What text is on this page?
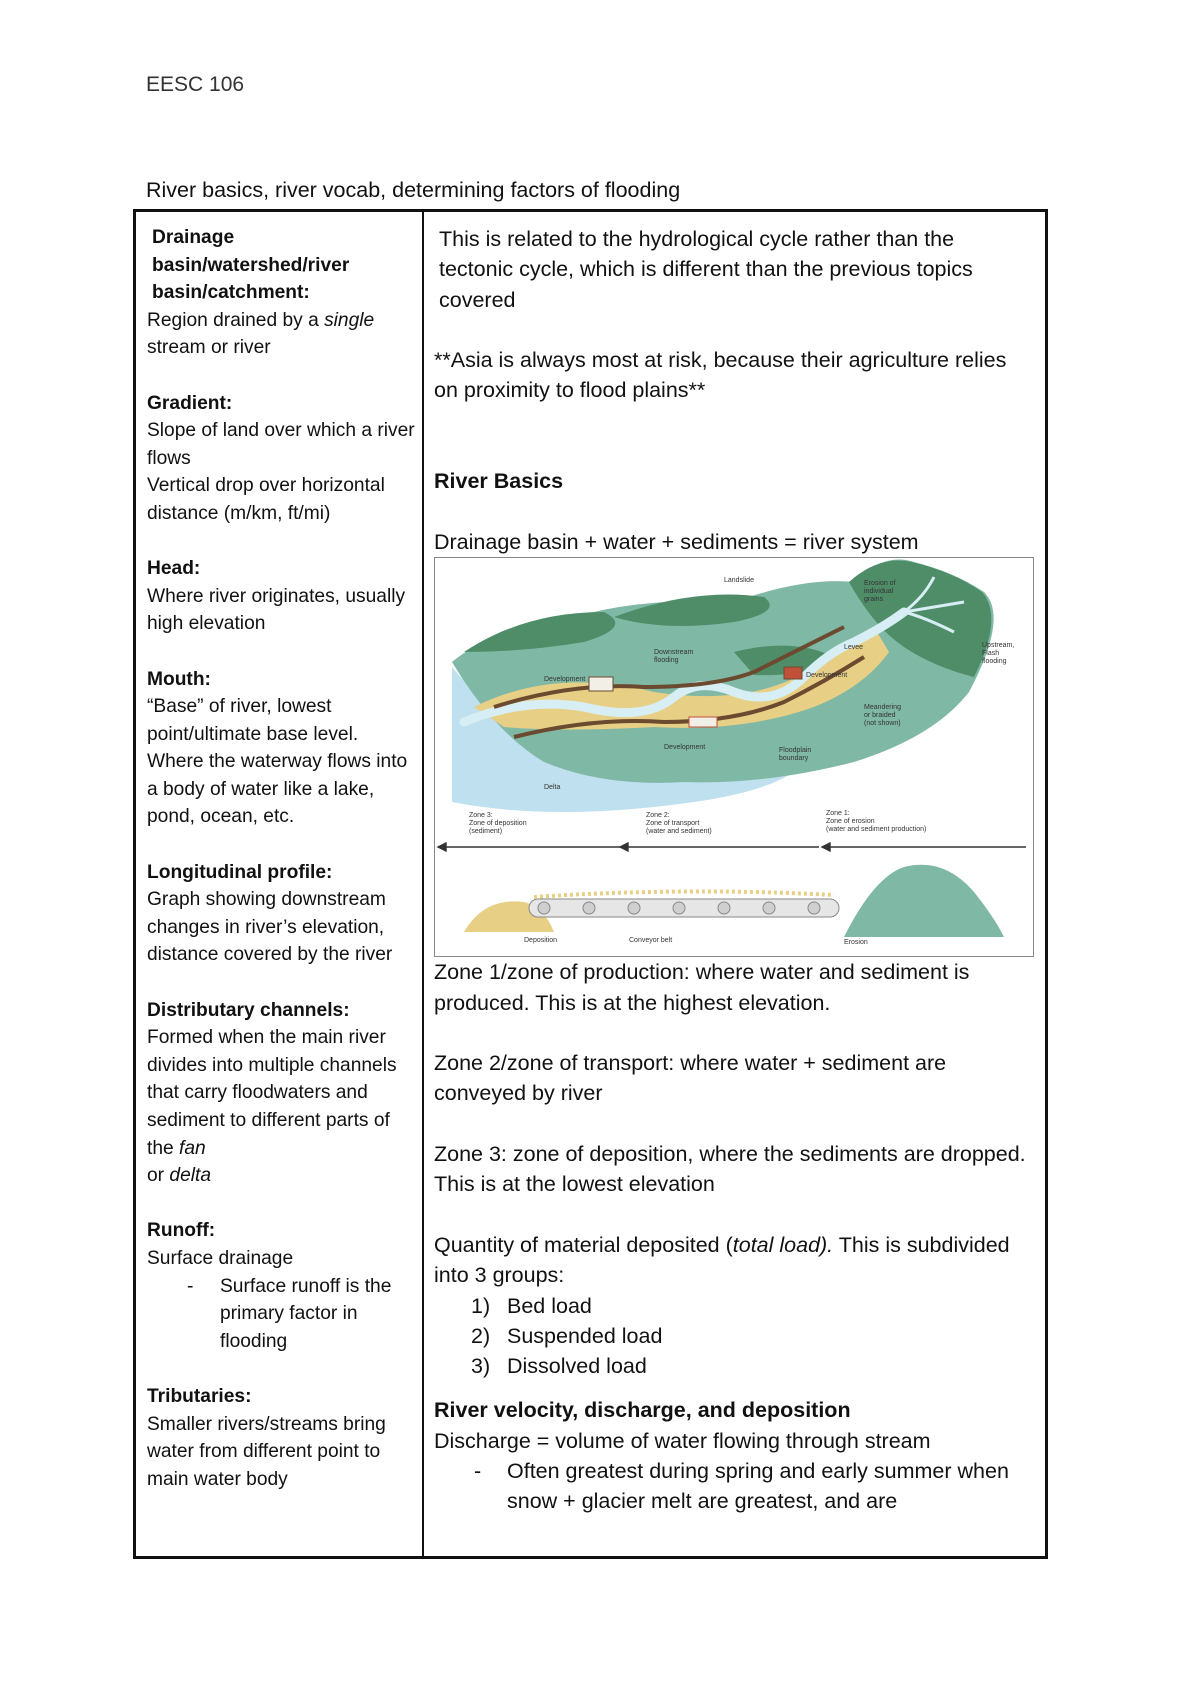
EESC 106
River basics, river vocab, determining factors of flooding
Drainage basin/watershed/river basin/catchment:
Region drained by a single
stream or river
Gradient:
Slope of land over which a river flows
Vertical drop over horizontal distance (m/km, ft/mi)
Head:
Where river originates, usually high elevation
Mouth:
“Base” of river, lowest point/ultimate base level. Where the waterway flows into a body of water like a lake, pond, ocean, etc.
Longitudinal profile:
Graph showing downstream changes in river’s elevation, distance covered by the river
Distributary channels:
Formed when the main river divides into multiple channels that carry floodwaters and sediment to different parts of the fan
or delta
Runoff:
Surface drainage
- Surface runoff is the primary factor in flooding
Tributaries:
Smaller rivers/streams bring water from different point to main water body
This is related to the hydrological cycle rather than the tectonic cycle, which is different than the previous topics covered
**Asia is always most at risk, because their agriculture relies on proximity to flood plains**
River Basics
Drainage basin + water + sediments = river system
Landslide	Erosion of individual grains
Upstream, Flash flooding
Levee
Downstream flooding
Development
Development
Development
Meandering or braided (not shown)
Floodplain boundary
Delta
Zone 3: Zone of deposition (sediment)
Zone 2: Zone of transport (water and sediment)
Zone 1: Zone of erosion (water and sediment production)
Deposition	Conveyor belt	Erosion
Zone 1/zone of production: where water and sediment is produced. This is at the highest elevation.
Zone 2/zone of transport: where water + sediment are conveyed by river
Zone 3: zone of deposition, where the sediments are dropped. This is at the lowest elevation
Quantity of material deposited (total load). This is subdivided into 3 groups:
1) Bed load
2) Suspended load
3) Dissolved load
River velocity, discharge, and deposition
Discharge = volume of water flowing through stream
- Often greatest during spring and early summer when snow + glacier melt are greatest, and are
